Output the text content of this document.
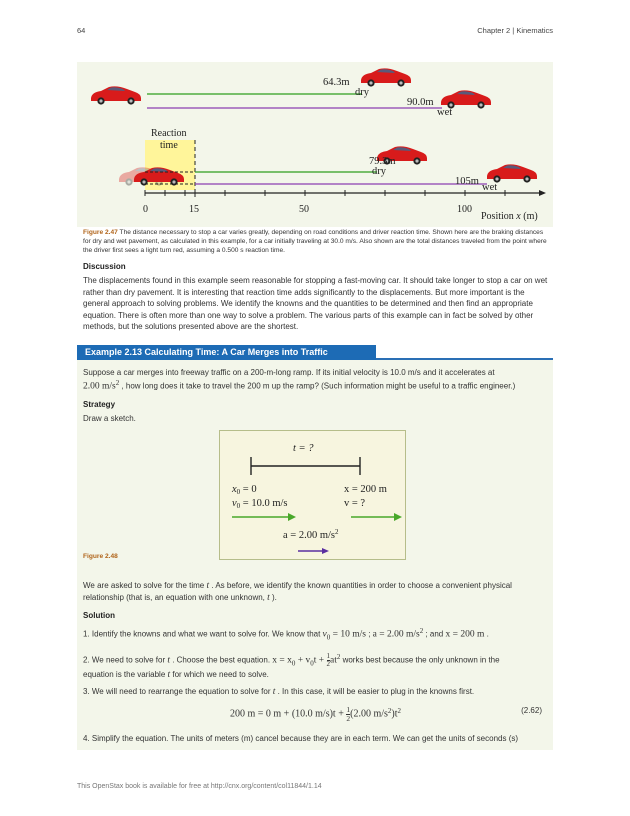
64	Chapter 2 | Kinematics
64.3m
dry
90.0m
wet
Reaction
time
79.3m
dry
105m
wet
0	15	50	100
Position x (m)
Figure 2.47 The distance necessary to stop a car varies greatly, depending on road conditions and driver reaction time. Shown here are the braking distances for dry and wet pavement, as calculated in this example, for a car initially traveling at 30.0 m/s. Also shown are the total distances traveled from the point where the driver first sees a light turn red, assuming a 0.500 s reaction time.
Discussion
The displacements found in this example seem reasonable for stopping a fast-moving car. It should take longer to stop a car on wet rather than dry pavement. It is interesting that reaction time adds significantly to the displacements. But more important is the general approach to solving problems. We identify the knowns and the quantities to be determined and then find an appropriate equation. There is often more than one way to solve a problem. The various parts of this example can in fact be solved by other methods, but the solutions presented above are the shortest.
Example 2.13 Calculating Time: A Car Merges into Traffic
Suppose a car merges into freeway traffic on a 200-m-long ramp. If its initial velocity is 10.0 m/s and it accelerates at
2.00 $m/s^2$ , how long does it take to travel the 200 m up the ramp? (Such information might be useful to a traffic engineer.)
Strategy
Draw a sketch.
t = ?
x0 = 0
v0 = 10.0 m/s
x = 200 m
v = ?
a = 2.00 $m/s^2$
Figure 2.48
We are asked to solve for the time t . As before, we identify the known quantities in order to choose a convenient physical relationship (that is, an equation with one unknown, t ).
Solution
1. Identify the knowns and what we want to solve for. We know that $v_0 = 10$ m/s ; a = 2.00 $m/s^2$ ; and x = 200 m .
2. We need to solve for t . Choose the best equation. $x = x_0 + v_0t + \frac{1}{2} at^2$ works best because the only unknown in the
equation is the variable t for which we need to solve.
3. We will need to rearrange the equation to solve for t . In this case, it will be easier to plug in the knowns first.
200 m = 0 m + (10.0 $m/s)t + \frac{1}{2} (2.00$ $m/s^2)t^2$	(2.62)
4. Simplify the equation. The units of meters (m) cancel because they are in each term. We can get the units of seconds (s)
This OpenStax book is available for free at http://cnx.org/content/col11844/1.14
